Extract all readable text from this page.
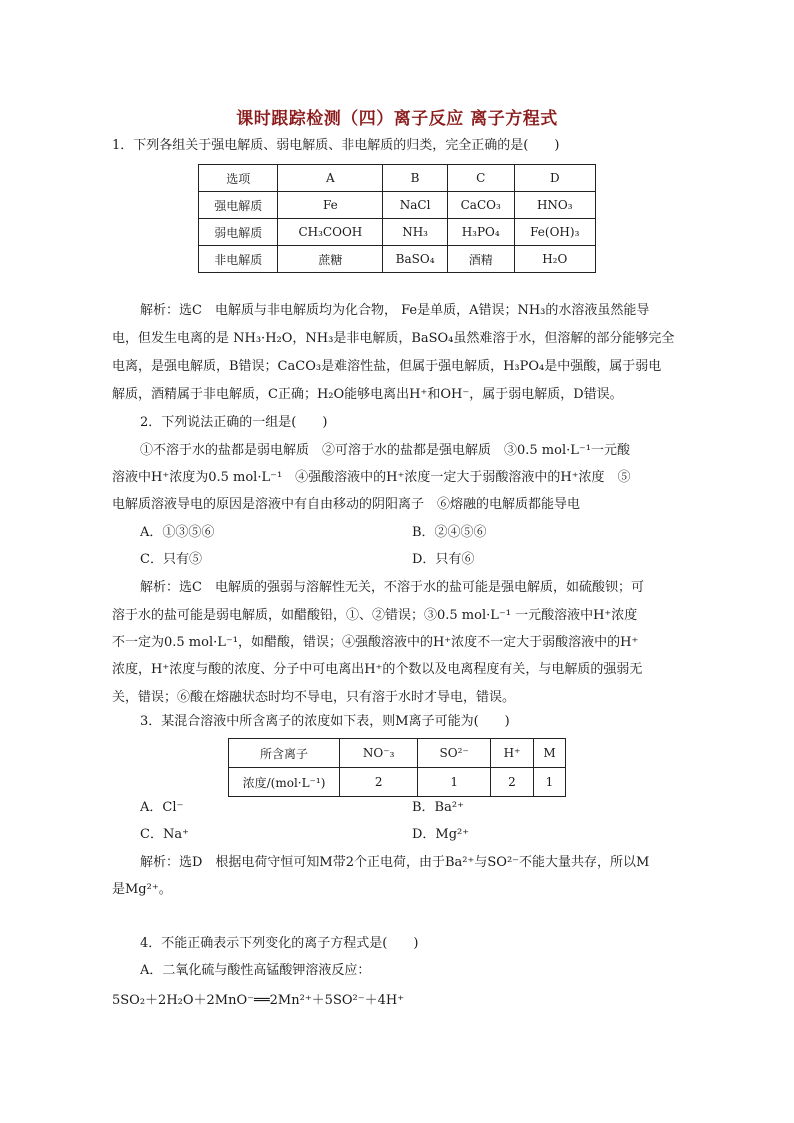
课时跟踪检测（四）离子反应 离子方程式
1．下列各组关于强电解质、弱电解质、非电解质的归类，完全正确的是(　　)
选项	A	B	C	D
强电解质	Fe	NaCl	CaCO₃	HNO₃
弱电解质	CH₃COOH	NH₃	H₃PO₄	Fe(OH)₃
非电解质	蔗糖	BaSO₄	酒精	H₂O
解析：选C　电解质与非电解质均为化合物， Fe是单质，A错误；NH₃的水溶液虽然能导
电，但发生电离的是 NH₃·H₂O，NH₃是非电解质，BaSO₄虽然难溶于水，但溶解的部分能够完全
电离，是强电解质，B错误；CaCO₃是难溶性盐，但属于强电解质，H₃PO₄是中强酸，属于弱电
解质，酒精属于非电解质，C正确；H₂O能够电离出H⁺和OH⁻，属于弱电解质，D错误。
2．下列说法正确的一组是(　　)
①不溶于水的盐都是弱电解质　②可溶于水的盐都是强电解质　③0.5 mol·L⁻¹一元酸
溶液中H⁺浓度为0.5 mol·L⁻¹　④强酸溶液中的H⁺浓度一定大于弱酸溶液中的H⁺浓度　⑤
电解质溶液导电的原因是溶液中有自由移动的阴阳离子　⑥熔融的电解质都能导电
A．①③⑤⑥	B．②④⑤⑥
C．只有⑤	D．只有⑥
解析：选C　电解质的强弱与溶解性无关，不溶于水的盐可能是强电解质，如硫酸钡；可
溶于水的盐可能是弱电解质，如醋酸铅，①、②错误；③0.5 mol·L⁻¹ 一元酸溶液中H⁺浓度
不一定为0.5 mol·L⁻¹，如醋酸，错误；④强酸溶液中的H⁺浓度不一定大于弱酸溶液中的H⁺
浓度，H⁺浓度与酸的浓度、分子中可电离出H⁺的个数以及电离程度有关，与电解质的强弱无
关，错误；⑥酸在熔融状态时均不导电，只有溶于水时才导电，错误。
3．某混合溶液中所含离子的浓度如下表，则M离子可能为(　　)
所含离子	NO⁻₃	SO²⁻	H⁺	M
浓度/(mol·L⁻¹)	2	1	2	1
A．Cl⁻	B．Ba²⁺
C．Na⁺	D．Mg²⁺
解析：选D　根据电荷守恒可知M带2个正电荷，由于Ba²⁺与SO²⁻不能大量共存，所以M
是Mg²⁺。
4．不能正确表示下列变化的离子方程式是(　　)
A．二氧化硫与酸性高锰酸钾溶液反应：
5SO₂＋2H₂O＋2MnO⁻══2Mn²⁺＋5SO²⁻＋4H⁺
